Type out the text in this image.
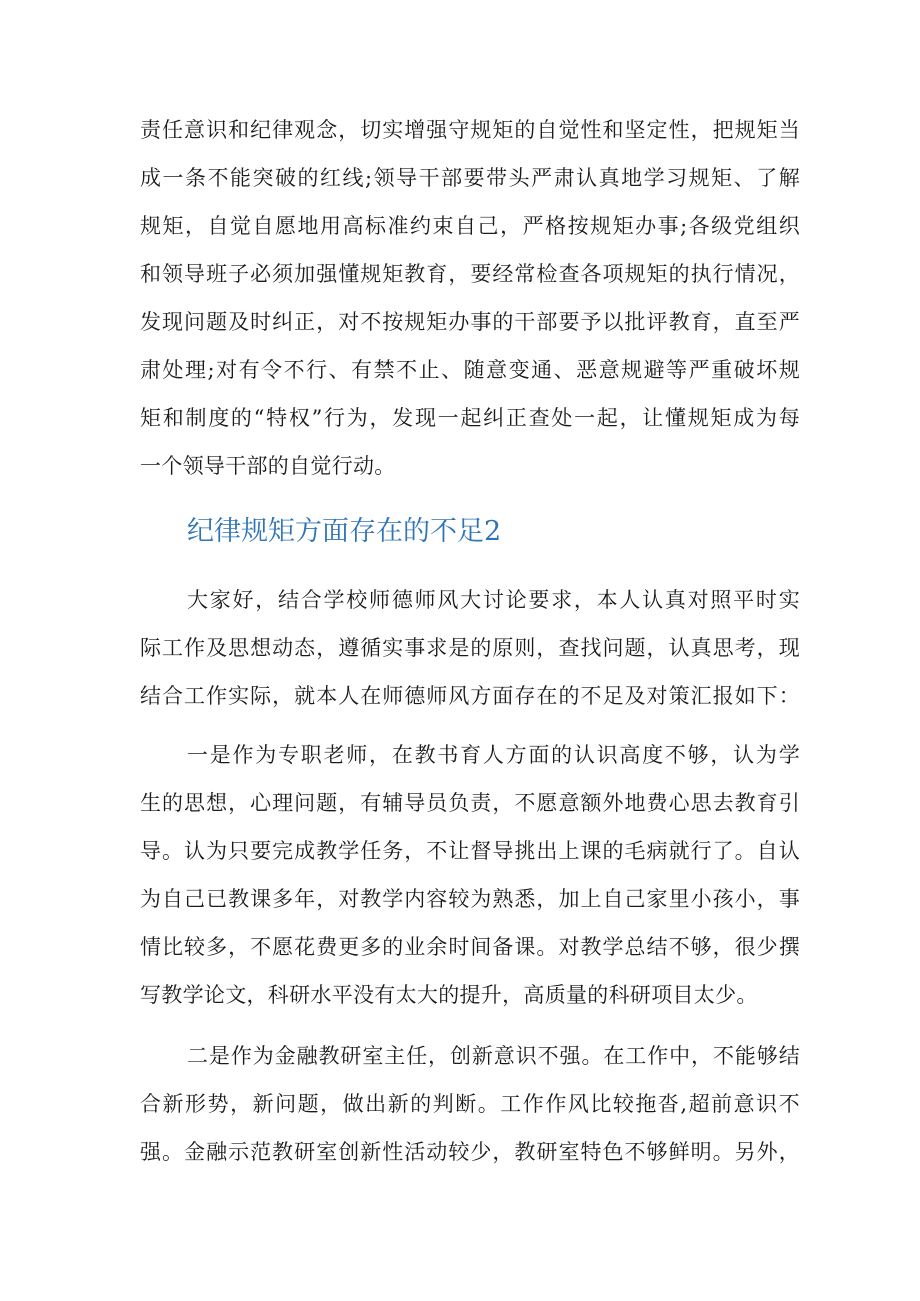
责任意识和纪律观念，切实增强守规矩的自觉性和坚定性，把规矩当
成一条不能突破的红线;领导干部要带头严肃认真地学习规矩、了解
规矩，自觉自愿地用高标准约束自己，严格按规矩办事;各级党组织
和领导班子必须加强懂规矩教育，要经常检查各项规矩的执行情况，
发现问题及时纠正，对不按规矩办事的干部要予以批评教育，直至严
肃处理;对有令不行、有禁不止、随意变通、恶意规避等严重破坏规
矩和制度的“特权”行为，发现一起纠正查处一起，让懂规矩成为每
一个领导干部的自觉行动。
纪律规矩方面存在的不足2
大家好，结合学校师德师风大讨论要求，本人认真对照平时实
际工作及思想动态，遵循实事求是的原则，查找问题，认真思考，现
结合工作实际，就本人在师德师风方面存在的不足及对策汇报如下：
一是作为专职老师，在教书育人方面的认识高度不够，认为学
生的思想，心理问题，有辅导员负责，不愿意额外地费心思去教育引
导。认为只要完成教学任务，不让督导挑出上课的毛病就行了。自认
为自己已教课多年，对教学内容较为熟悉，加上自己家里小孩小，事
情比较多，不愿花费更多的业余时间备课。对教学总结不够，很少撰
写教学论文，科研水平没有太大的提升，高质量的科研项目太少。
二是作为金融教研室主任，创新意识不强。在工作中，不能够结
合新形势，新问题，做出新的判断。工作作风比较拖沓,超前意识不
强。金融示范教研室创新性活动较少，教研室特色不够鲜明。另外，
